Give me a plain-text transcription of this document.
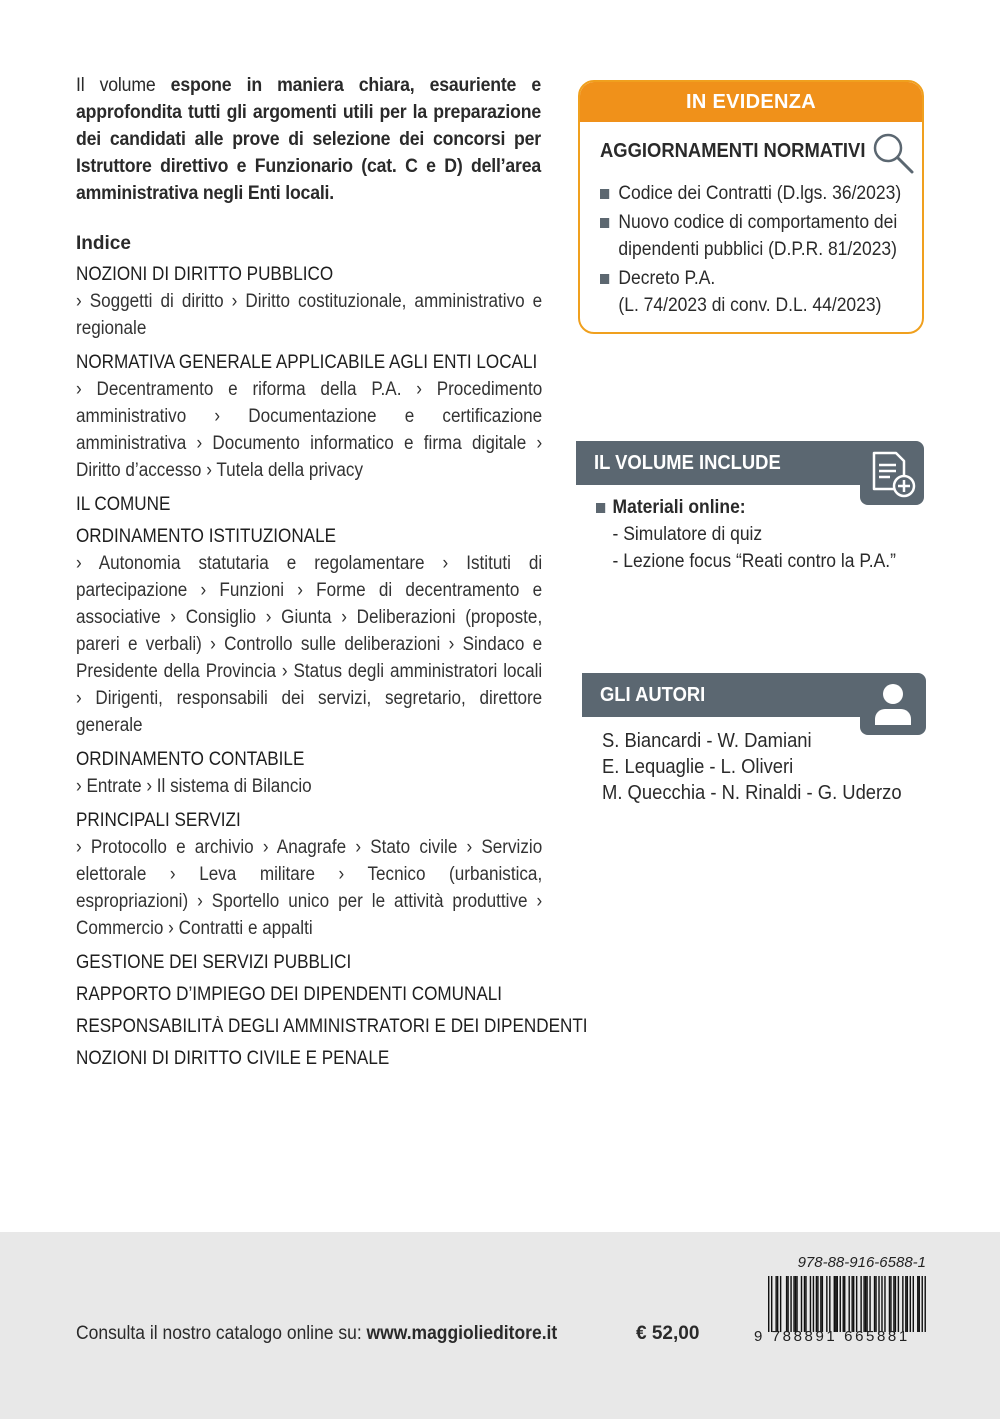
Il volume espone in maniera chiara, esauriente e approfondita tutti gli argomenti utili per la preparazione dei candidati alle prove di selezione dei concorsi per Istruttore direttivo e Funzionario (cat. C e D) dell’area amministrativa negli Enti locali.

Indice
NOZIONI DI DIRITTO PUBBLICO
› Soggetti di diritto › Diritto costituzionale, amministrativo e regionale
NORMATIVA GENERALE APPLICABILE AGLI ENTI LOCALI
› Decentramento e riforma della P.A. › Procedimento amministrativo › Documentazione e certificazione amministrativa › Documento informatico e firma digitale › Diritto d’accesso › Tutela della privacy
IL COMUNE
ORDINAMENTO ISTITUZIONALE
› Autonomia statutaria e regolamentare › Istituti di partecipazione › Funzioni › Forme di decentramento e associative › Consiglio › Giunta › Deliberazioni (proposte, pareri e verbali) › Controllo sulle deliberazioni › Sindaco e Presidente della Provincia › Status degli amministratori locali › Dirigenti, responsabili dei servizi, segretario, direttore generale
ORDINAMENTO CONTABILE
› Entrate › Il sistema di Bilancio
PRINCIPALI SERVIZI
› Protocollo e archivio › Anagrafe › Stato civile › Servizio elettorale › Leva militare › Tecnico (urbanistica, espropriazioni) › Sportello unico per le attività produttive › Commercio › Contratti e appalti
GESTIONE DEI SERVIZI PUBBLICI
RAPPORTO D’IMPIEGO DEI DIPENDENTI COMUNALI
RESPONSABILITÀ DEGLI AMMINISTRATORI E DEI DIPENDENTI
NOZIONI DI DIRITTO CIVILE E PENALE
IN EVIDENZA
AGGIORNAMENTI NORMATIVI
Codice dei Contratti (D.lgs. 36/2023)
Nuovo codice di comportamento dei
dipendenti pubblici (D.P.R. 81/2023)
Decreto P.A.
(L. 74/2023 di conv. D.L. 44/2023)
IL VOLUME INCLUDE
Materiali online:
- Simulatore di quiz
- Lezione focus “Reati contro la P.A.”
GLI AUTORI
S. Biancardi - W. Damiani
E. Lequaglie - L. Oliveri
M. Quecchia - N. Rinaldi - G. Uderzo
Consulta il nostro catalogo online su: www.maggiolieditore.it	€ 52,00
978-88-916-6588-1
9 788891 665881
